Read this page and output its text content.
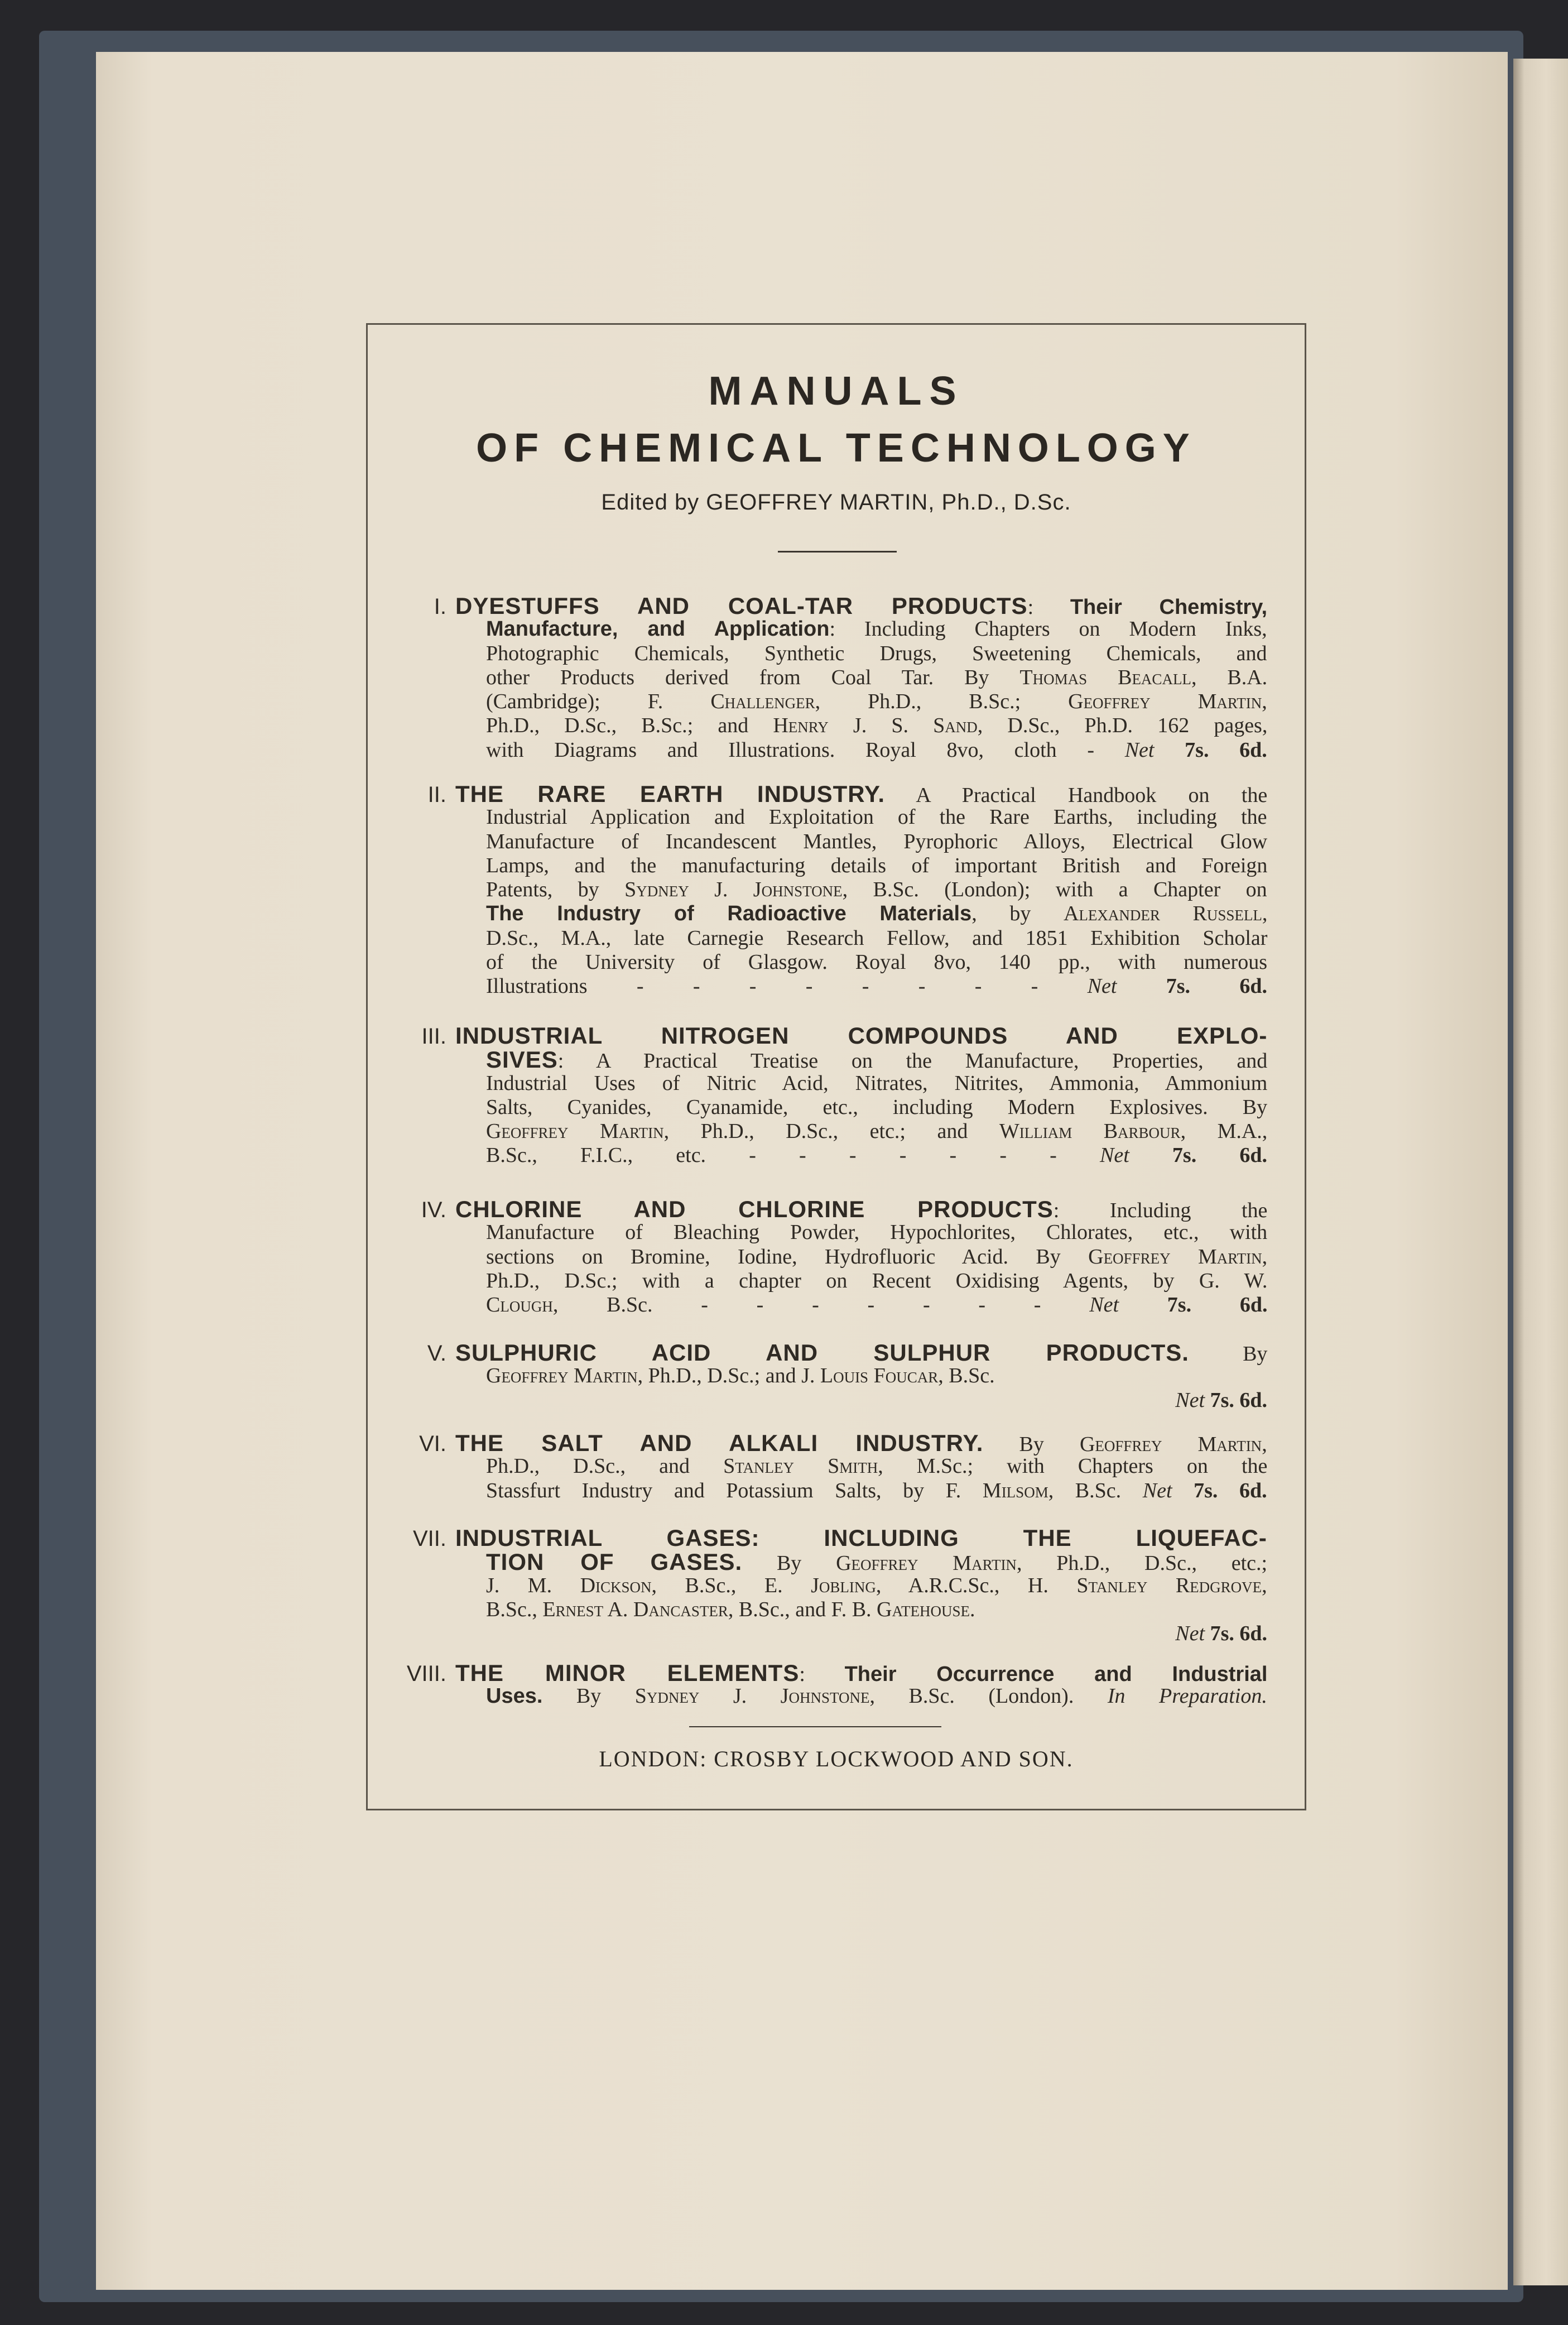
MANUALS
OF CHEMICAL TECHNOLOGY
Edited by GEOFFREY MARTIN, Ph.D., D.Sc.
I. DYESTUFFS AND COAL-TAR PRODUCTS: Their Chemistry,
Manufacture, and Application: Including Chapters on Modern Inks,
Photographic Chemicals, Synthetic Drugs, Sweetening Chemicals, and
other Products derived from Coal Tar. By Thomas Beacall, B.A.
(Cambridge); F. Challenger, Ph.D., B.Sc.; Geoffrey Martin,
Ph.D., D.Sc., B.Sc.; and Henry J. S. Sand, D.Sc., Ph.D. 162 pages,
with Diagrams and Illustrations. Royal 8vo, cloth - Net 7s. 6d.
II. THE RARE EARTH INDUSTRY. A Practical Handbook on the
Industrial Application and Exploitation of the Rare Earths, including the
Manufacture of Incandescent Mantles, Pyrophoric Alloys, Electrical Glow
Lamps, and the manufacturing details of important British and Foreign
Patents, by Sydney J. Johnstone, B.Sc. (London); with a Chapter on
The Industry of Radioactive Materials, by Alexander Russell,
D.Sc., M.A., late Carnegie Research Fellow, and 1851 Exhibition Scholar
of the University of Glasgow. Royal 8vo, 140 pp., with numerous
Illustrations - - - - - - - - Net 7s. 6d.
III. INDUSTRIAL NITROGEN COMPOUNDS AND EXPLO-
SIVES: A Practical Treatise on the Manufacture, Properties, and
Industrial Uses of Nitric Acid, Nitrates, Nitrites, Ammonia, Ammonium
Salts, Cyanides, Cyanamide, etc., including Modern Explosives. By
Geoffrey Martin, Ph.D., D.Sc., etc.; and William Barbour, M.A.,
B.Sc., F.I.C., etc. - - - - - - - Net 7s. 6d.
IV. CHLORINE AND CHLORINE PRODUCTS: Including the
Manufacture of Bleaching Powder, Hypochlorites, Chlorates, etc., with
sections on Bromine, Iodine, Hydrofluoric Acid. By Geoffrey Martin,
Ph.D., D.Sc.; with a chapter on Recent Oxidising Agents, by G. W.
Clough, B.Sc. - - - - - - - Net 7s. 6d.
V. SULPHURIC ACID AND SULPHUR PRODUCTS. By
Geoffrey Martin, Ph.D., D.Sc.; and J. Louis Foucar, B.Sc.
Net 7s. 6d.
VI. THE SALT AND ALKALI INDUSTRY. By Geoffrey Martin,
Ph.D., D.Sc., and Stanley Smith, M.Sc.; with Chapters on the
Stassfurt Industry and Potassium Salts, by F. Milsom, B.Sc. Net 7s. 6d.
VII. INDUSTRIAL GASES: INCLUDING THE LIQUEFAC-
TION OF GASES. By Geoffrey Martin, Ph.D., D.Sc., etc.;
J. M. Dickson, B.Sc., E. Jobling, A.R.C.Sc., H. Stanley Redgrove,
B.Sc., Ernest A. Dancaster, B.Sc., and F. B. Gatehouse.
Net 7s. 6d.
VIII. THE MINOR ELEMENTS: Their Occurrence and Industrial
Uses. By Sydney J. Johnstone, B.Sc. (London). In Preparation.
LONDON: CROSBY LOCKWOOD AND SON.
